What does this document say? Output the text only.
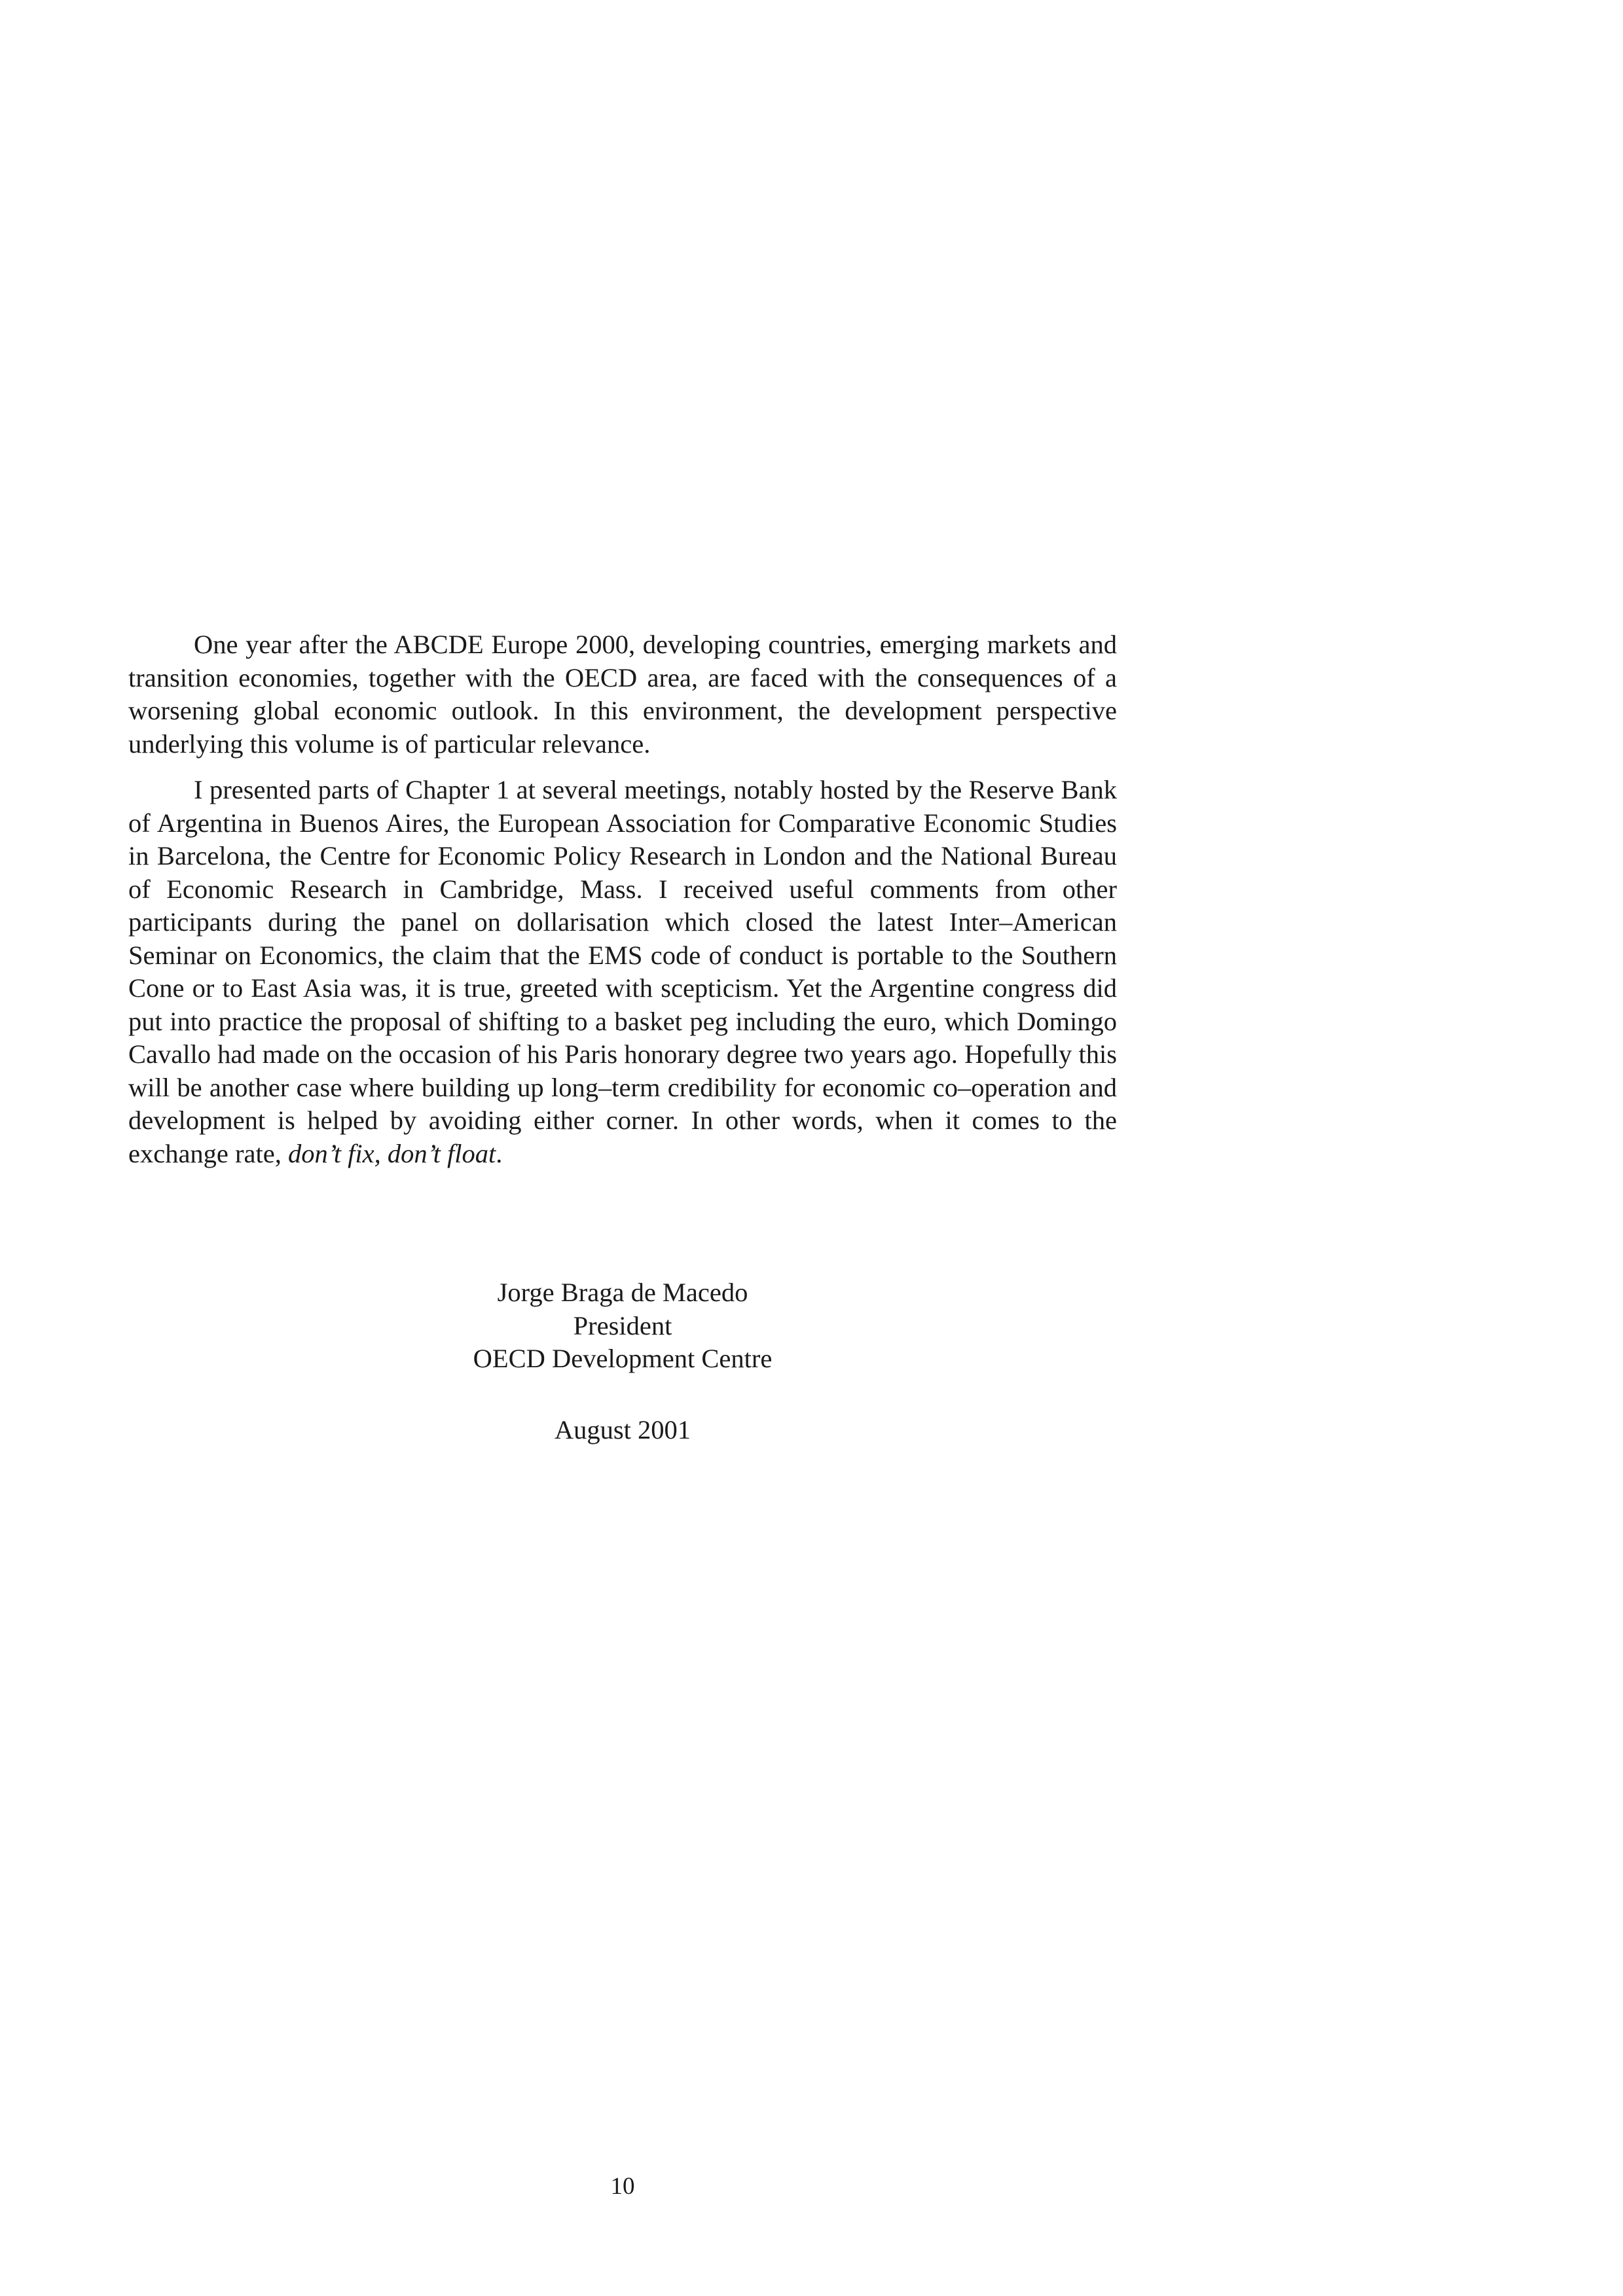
One year after the ABCDE Europe 2000, developing countries, emerging markets and transition economies, together with the OECD area, are faced with the consequences of a worsening global economic outlook. In this environment, the development perspective underlying this volume is of particular relevance.

I presented parts of Chapter 1 at several meetings, notably hosted by the Reserve Bank of Argentina in Buenos Aires, the European Association for Comparative Economic Studies in Barcelona, the Centre for Economic Policy Research in London and the National Bureau of Economic Research in Cambridge, Mass. I received useful comments from other participants during the panel on dollarisation which closed the latest Inter–American Seminar on Economics, the claim that the EMS code of conduct is portable to the Southern Cone or to East Asia was, it is true, greeted with scepticism. Yet the Argentine congress did put into practice the proposal of shifting to a basket peg including the euro, which Domingo Cavallo had made on the occasion of his Paris honorary degree two years ago. Hopefully this will be another case where building up long–term credibility for economic co–operation and development is helped by avoiding either corner. In other words, when it comes to the exchange rate, don’t fix, don’t float.

Jorge Braga de Macedo
President
OECD Development Centre
August 2001
10
